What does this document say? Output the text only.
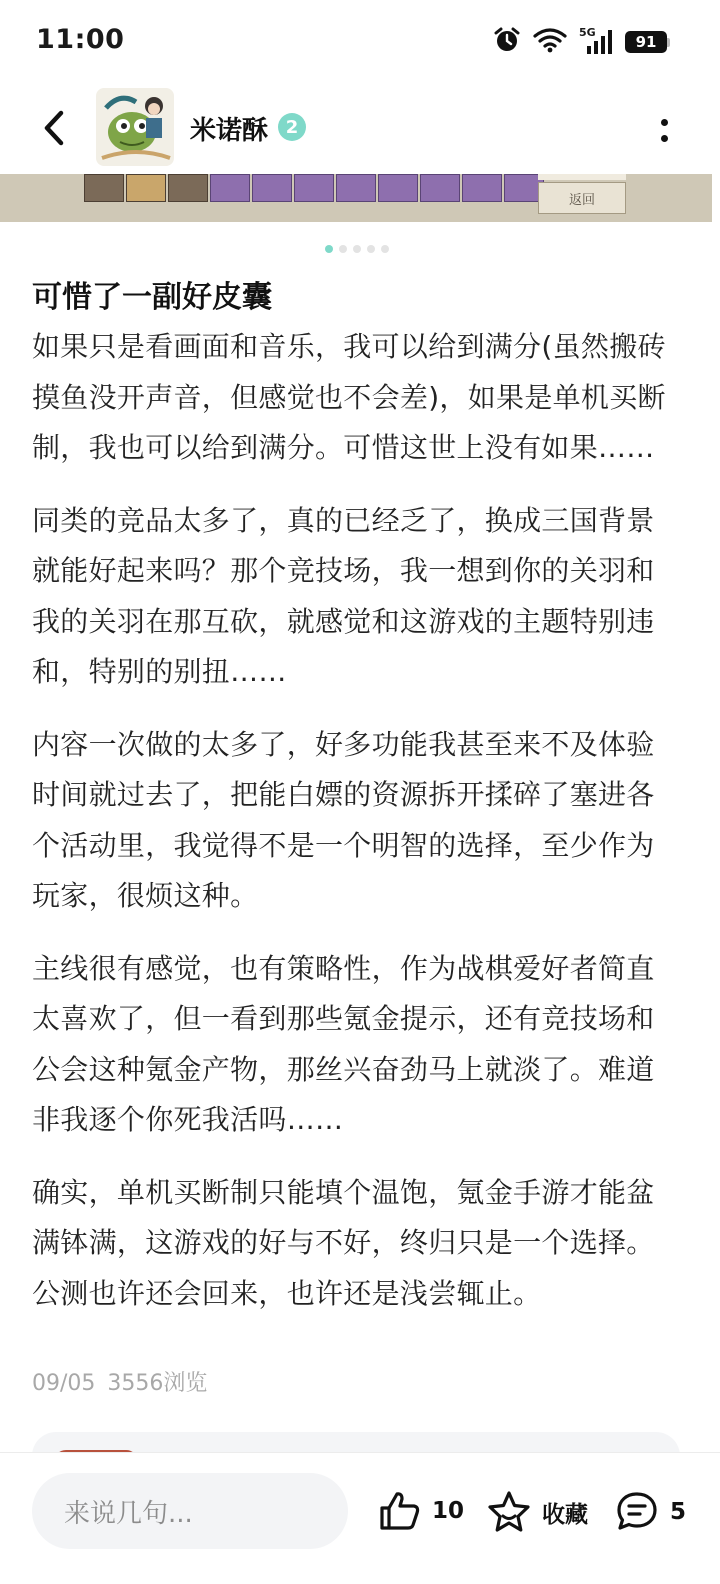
11:00	5G
91
米诺酥 2
返回
可惜了一副好皮囊

如果只是看画面和音乐，我可以给到满分(虽然搬砖摸鱼没开声音，但感觉也不会差)，如果是单机买断制，我也可以给到满分。可惜这世上没有如果……

同类的竞品太多了，真的已经乏了，换成三国背景就能好起来吗？那个竞技场，我一想到你的关羽和我的关羽在那互砍，就感觉和这游戏的主题特别违和，特别的别扭……

内容一次做的太多了，好多功能我甚至来不及体验时间就过去了，把能白嫖的资源拆开揉碎了塞进各个活动里，我觉得不是一个明智的选择，至少作为玩家，很烦这种。

主线很有感觉，也有策略性，作为战棋爱好者简直太喜欢了，但一看到那些氪金提示，还有竞技场和公会这种氪金产物，那丝兴奋劲马上就淡了。难道非我逐个你死我活吗……

确实，单机买断制只能填个温饱，氪金手游才能盆满钵满，这游戏的好与不好，终归只是一个选择。公测也许还会回来，也许还是浅尝辄止。

09/05 3556浏览
来说几句...	10	收藏	5
